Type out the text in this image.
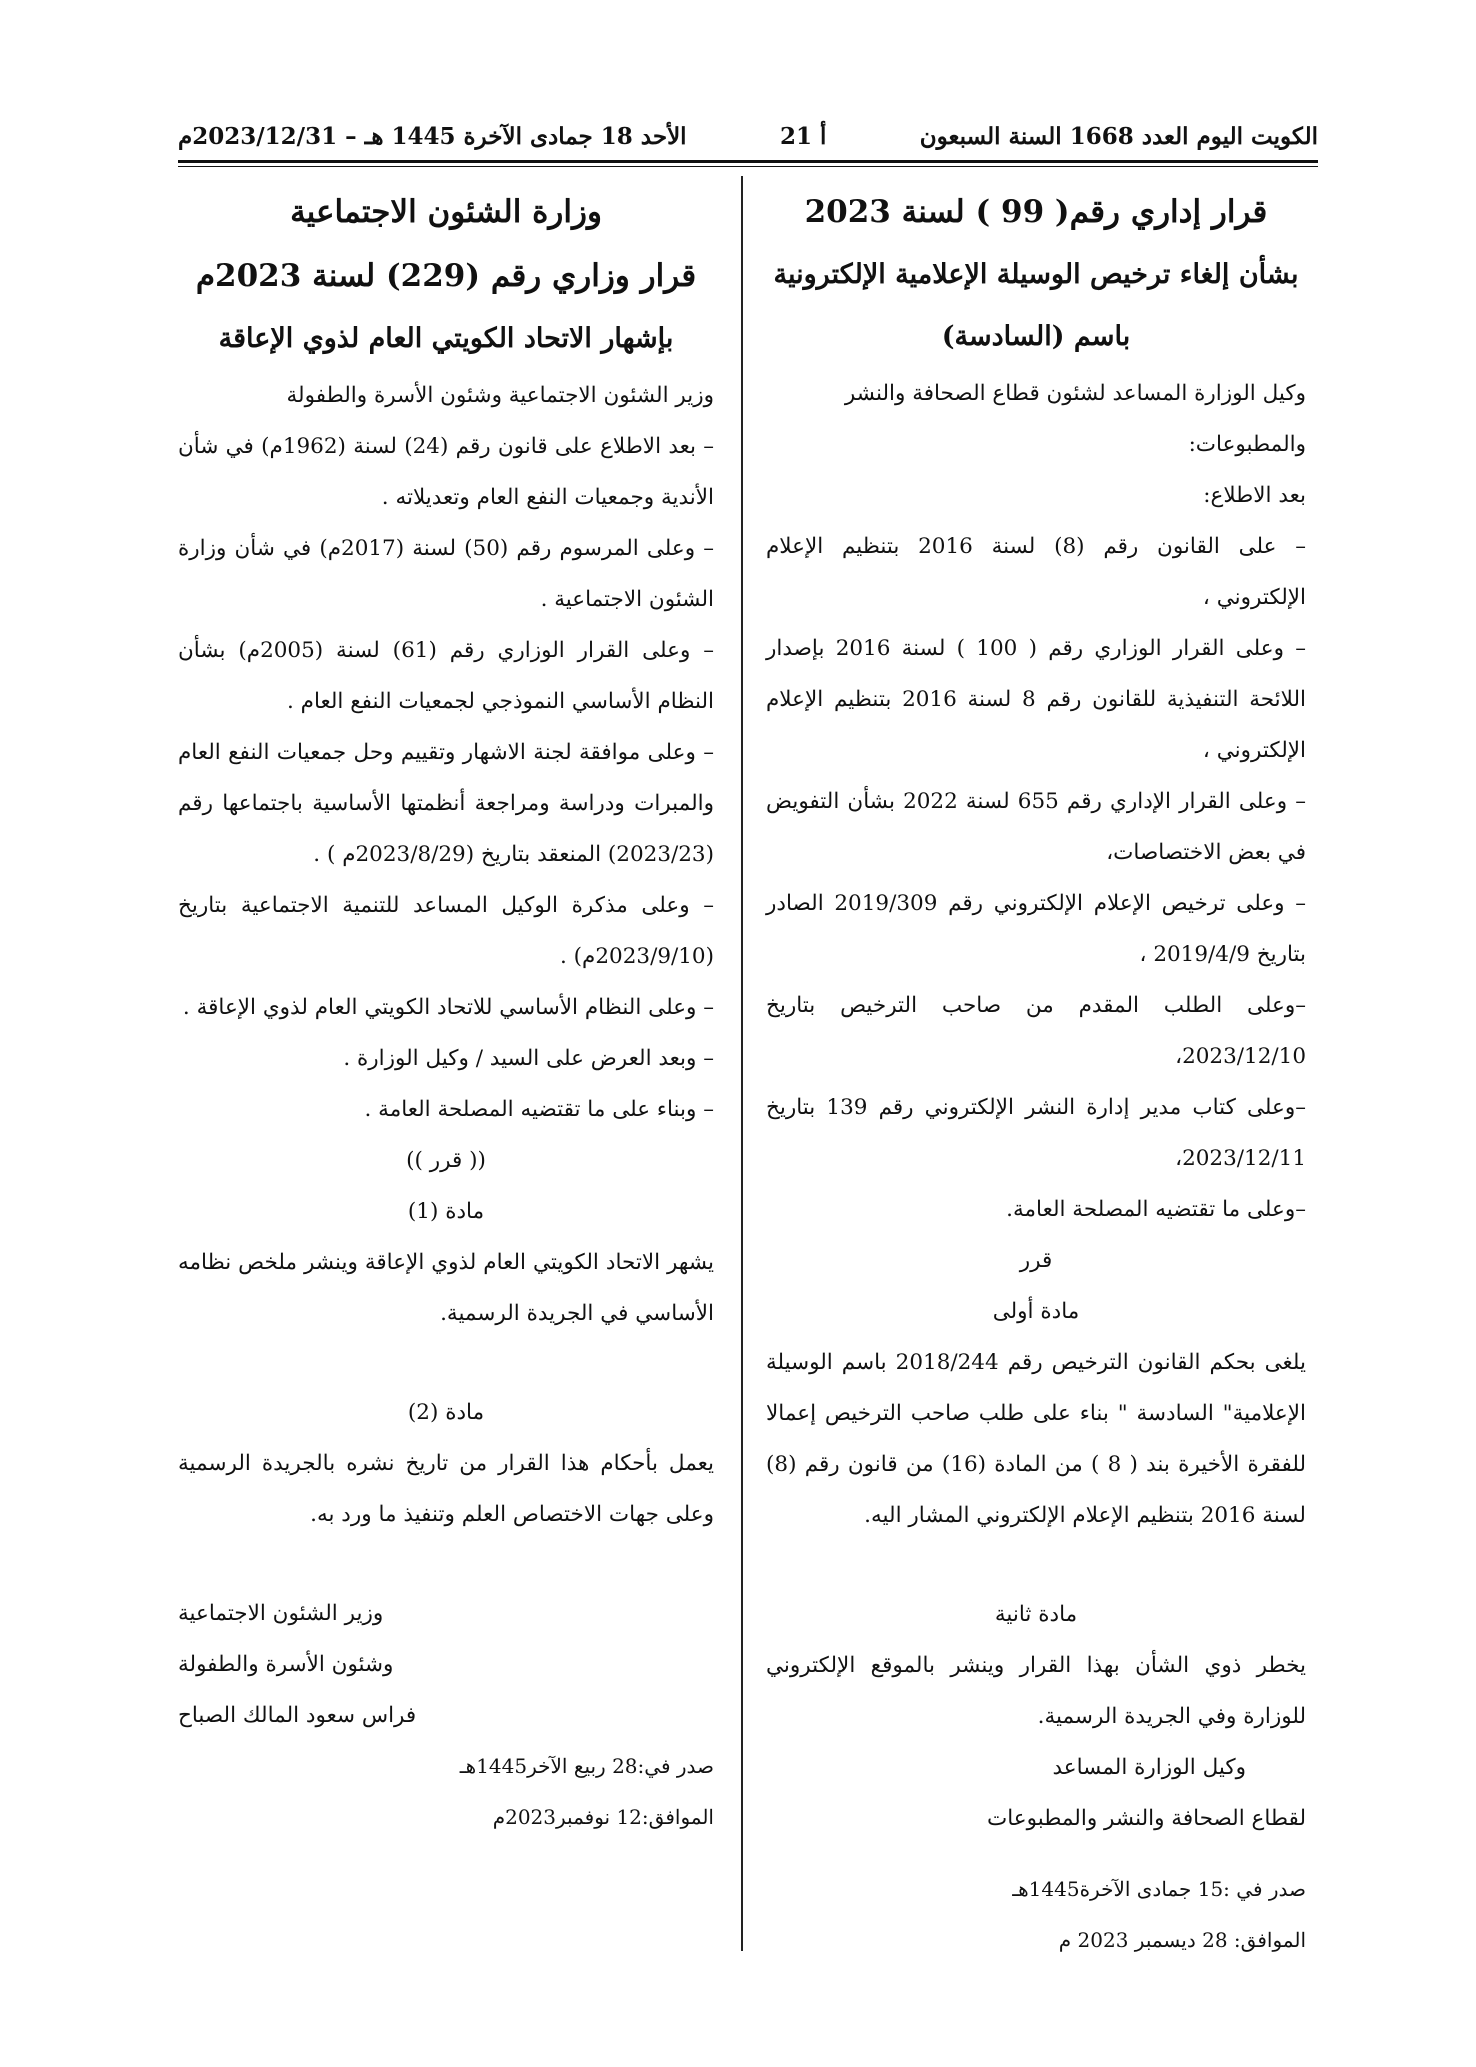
الأحد 18 جمادى الآخرة 1445 هـ – 2023/12/31م	أ 21	الكويت اليوم العدد 1668 السنة السبعون
قرار إداري رقم( 99 ) لسنة 2023
بشأن إلغاء ترخيص الوسيلة الإعلامية الإلكترونية
باسم (السادسة)

وكيل الوزارة المساعد لشئون قطاع الصحافة والنشر والمطبوعات:

بعد الاطلاع:

– على القانون رقم (8) لسنة 2016 بتنظيم الإعلام الإلكتروني ،

– وعلى القرار الوزاري رقم ( 100 ) لسنة 2016 بإصدار اللائحة التنفيذية للقانون رقم 8 لسنة 2016 بتنظيم الإعلام الإلكتروني ،

– وعلى القرار الإداري رقم 655 لسنة 2022 بشأن التفويض في بعض الاختصاصات،

– وعلى ترخيص الإعلام الإلكتروني رقم 2019/309 الصادر بتاريخ 2019/4/9 ،

–وعلى الطلب المقدم من صاحب الترخيص بتاريخ 2023/12/10،

–وعلى كتاب مدير إدارة النشر الإلكتروني رقم 139 بتاريخ 2023/12/11،

–وعلى ما تقتضيه المصلحة العامة.

قرر

مادة أولى

يلغى بحكم القانون الترخيص رقم 2018/244 باسم الوسيلة الإعلامية" السادسة " بناء على طلب صاحب الترخيص إعمالا للفقرة الأخيرة بند ( 8 ) من المادة (16) من قانون رقم (8) لسنة 2016 بتنظيم الإعلام الإلكتروني المشار اليه.

مادة ثانية

يخطر ذوي الشأن بهذا القرار وينشر بالموقع الإلكتروني للوزارة وفي الجريدة الرسمية.

وكيل الوزارة المساعد

لقطاع الصحافة والنشر والمطبوعات

صدر في :15 جمادى الآخرة1445هـ

الموافق: 28 ديسمبر 2023 م

وزارة الشئون الاجتماعية
قرار وزاري رقم (229) لسنة 2023م
بإشهار الاتحاد الكويتي العام لذوي الإعاقة

وزير الشئون الاجتماعية وشئون الأسرة والطفولة

– بعد الاطلاع على قانون رقم (24) لسنة (1962م) في شأن الأندية وجمعيات النفع العام وتعديلاته .

– وعلى المرسوم رقم (50) لسنة (2017م) في شأن وزارة الشئون الاجتماعية .

– وعلى القرار الوزاري رقم (61) لسنة (2005م) بشأن النظام الأساسي النموذجي لجمعيات النفع العام .

– وعلى موافقة لجنة الاشهار وتقييم وحل جمعيات النفع العام والمبرات ودراسة ومراجعة أنظمتها الأساسية باجتماعها رقم (2023/23) المنعقد بتاريخ (2023/8/29م ) .

– وعلى مذكرة الوكيل المساعد للتنمية الاجتماعية بتاريخ (2023/9/10م) .

– وعلى النظام الأساسي للاتحاد الكويتي العام لذوي الإعاقة .

– وبعد العرض على السيد / وكيل الوزارة .

– وبناء على ما تقتضيه المصلحة العامة .

(( قرر ))

مادة (1)

يشهر الاتحاد الكويتي العام لذوي الإعاقة وينشر ملخص نظامه الأساسي في الجريدة الرسمية.

مادة (2)

يعمل بأحكام هذا القرار من تاريخ نشره بالجريدة الرسمية وعلى جهات الاختصاص العلم وتنفيذ ما ورد به.

وزير الشئون الاجتماعية

وشئون الأسرة والطفولة

فراس سعود المالك الصباح

صدر في:28 ربيع الآخر1445هـ

الموافق:12 نوفمبر2023م
